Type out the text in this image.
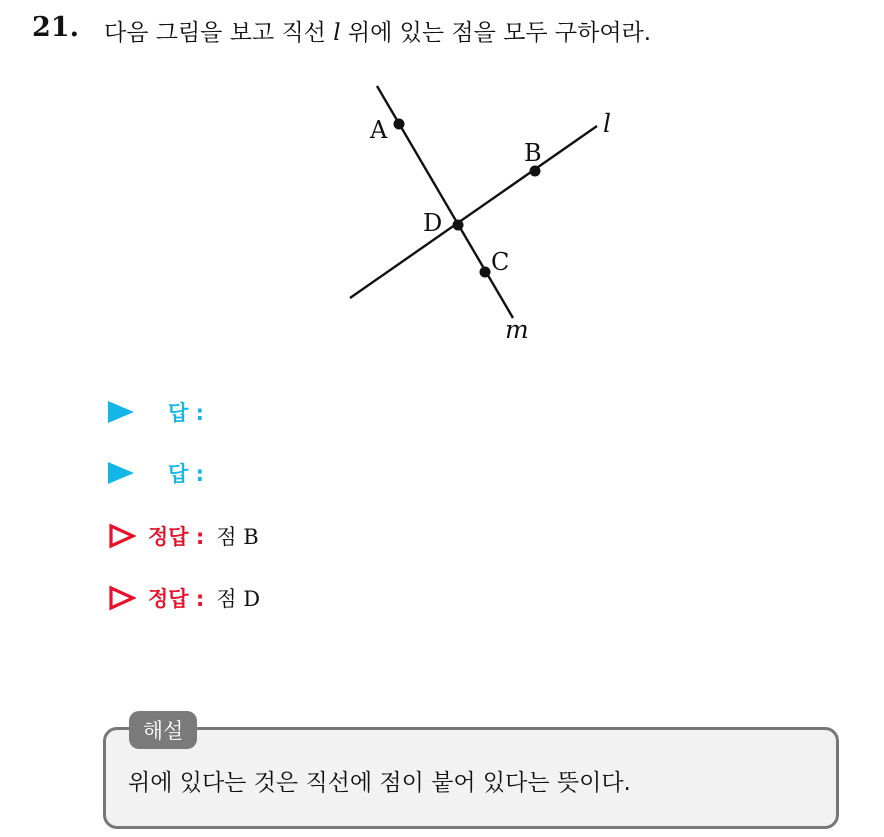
21. 다음 그림을 보고 직선 l 위에 있는 점을 모두 구하여라.
A
B
D
C
l
m
답 :
답 :
정답 : 점 B
정답 : 점 D
해설
위에 있다는 것은 직선에 점이 붙어 있다는 뜻이다.
